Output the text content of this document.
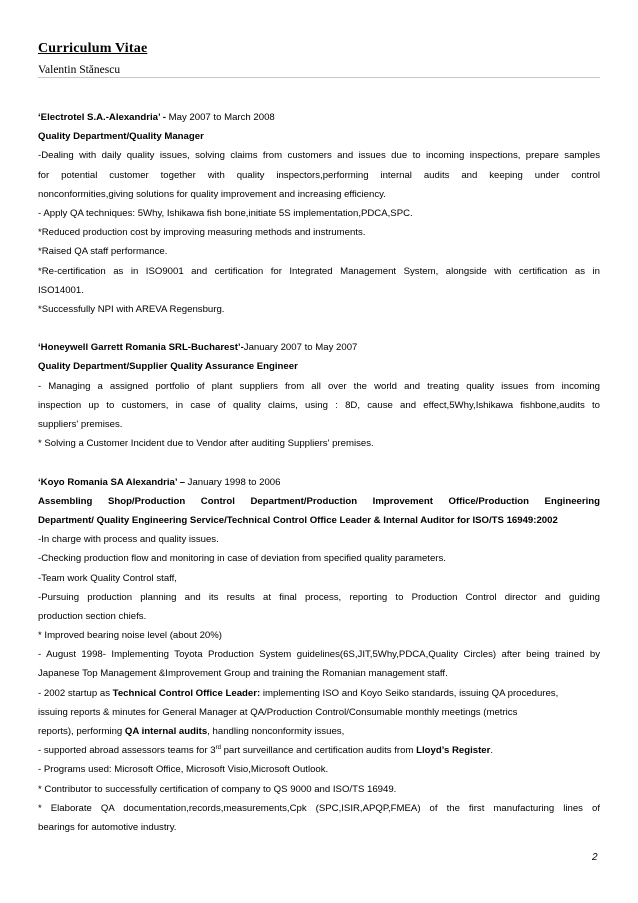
Curriculum Vitae
Valentin Stănescu
‘Electrotel S.A.-Alexandria’ - May 2007 to March 2008
Quality Department/Quality Manager
-Dealing with daily quality issues, solving claims from customers and issues due to incoming inspections, prepare samples
for potential customer together with quality inspectors,performing internal audits and keeping under control
nonconformities,giving solutions for quality improvement and increasing efficiency.
- Apply QA techniques: 5Why, Ishikawa fish bone,initiate 5S implementation,PDCA,SPC.
*Reduced production cost by improving measuring methods and instruments.
*Raised QA staff performance.
*Re-certification as in ISO9001 and certification for Integrated Management System, alongside with certification as in
ISO14001.
*Successfully NPI with AREVA Regensburg.
‘Honeywell Garrett Romania SRL-Bucharest’-January 2007 to May 2007
Quality Department/Supplier Quality Assurance Engineer
- Managing a assigned portfolio of plant suppliers from all over the world and treating quality issues from incoming
inspection up to customers, in case of quality claims, using : 8D, cause and effect,5Why,Ishikawa fishbone,audits to
suppliers' premises.
* Solving a Customer Incident due to Vendor after auditing Suppliers' premises.
‘Koyo Romania SA Alexandria’ – January 1998 to 2006
Assembling Shop/Production Control Department/Production Improvement Office/Production Engineering
Department/ Quality Engineering Service/Technical Control Office Leader & Internal Auditor for ISO/TS 16949:2002
-In charge with process and quality issues.
-Checking production flow and monitoring in case of deviation from specified quality parameters.
-Team work Quality Control staff,
-Pursuing production planning and its results at final process, reporting to Production Control director and guiding
production section chiefs.
* Improved bearing noise level (about 20%)
- August 1998- Implementing Toyota Production System guidelines(6S,JIT,5Why,PDCA,Quality Circles) after being trained by
Japanese Top Management &Improvement Group and training the Romanian management staff.
- 2002 startup as Technical Control Office Leader: implementing ISO and Koyo Seiko standards, issuing QA procedures,
issuing reports & minutes for General Manager at QA/Production Control/Consumable monthly meetings (metrics
reports), performing QA internal audits, handling nonconformity issues,
- supported abroad assessors teams for 3rd part surveillance and certification audits from Lloyd’s Register.
- Programs used: Microsoft Office, Microsoft Visio,Microsoft Outlook.
* Contributor to successfully certification of company to QS 9000 and ISO/TS 16949.
* Elaborate QA documentation,records,measurements,Cpk (SPC,ISIR,APQP,FMEA) of the first manufacturing lines of
bearings for automotive industry.
2
